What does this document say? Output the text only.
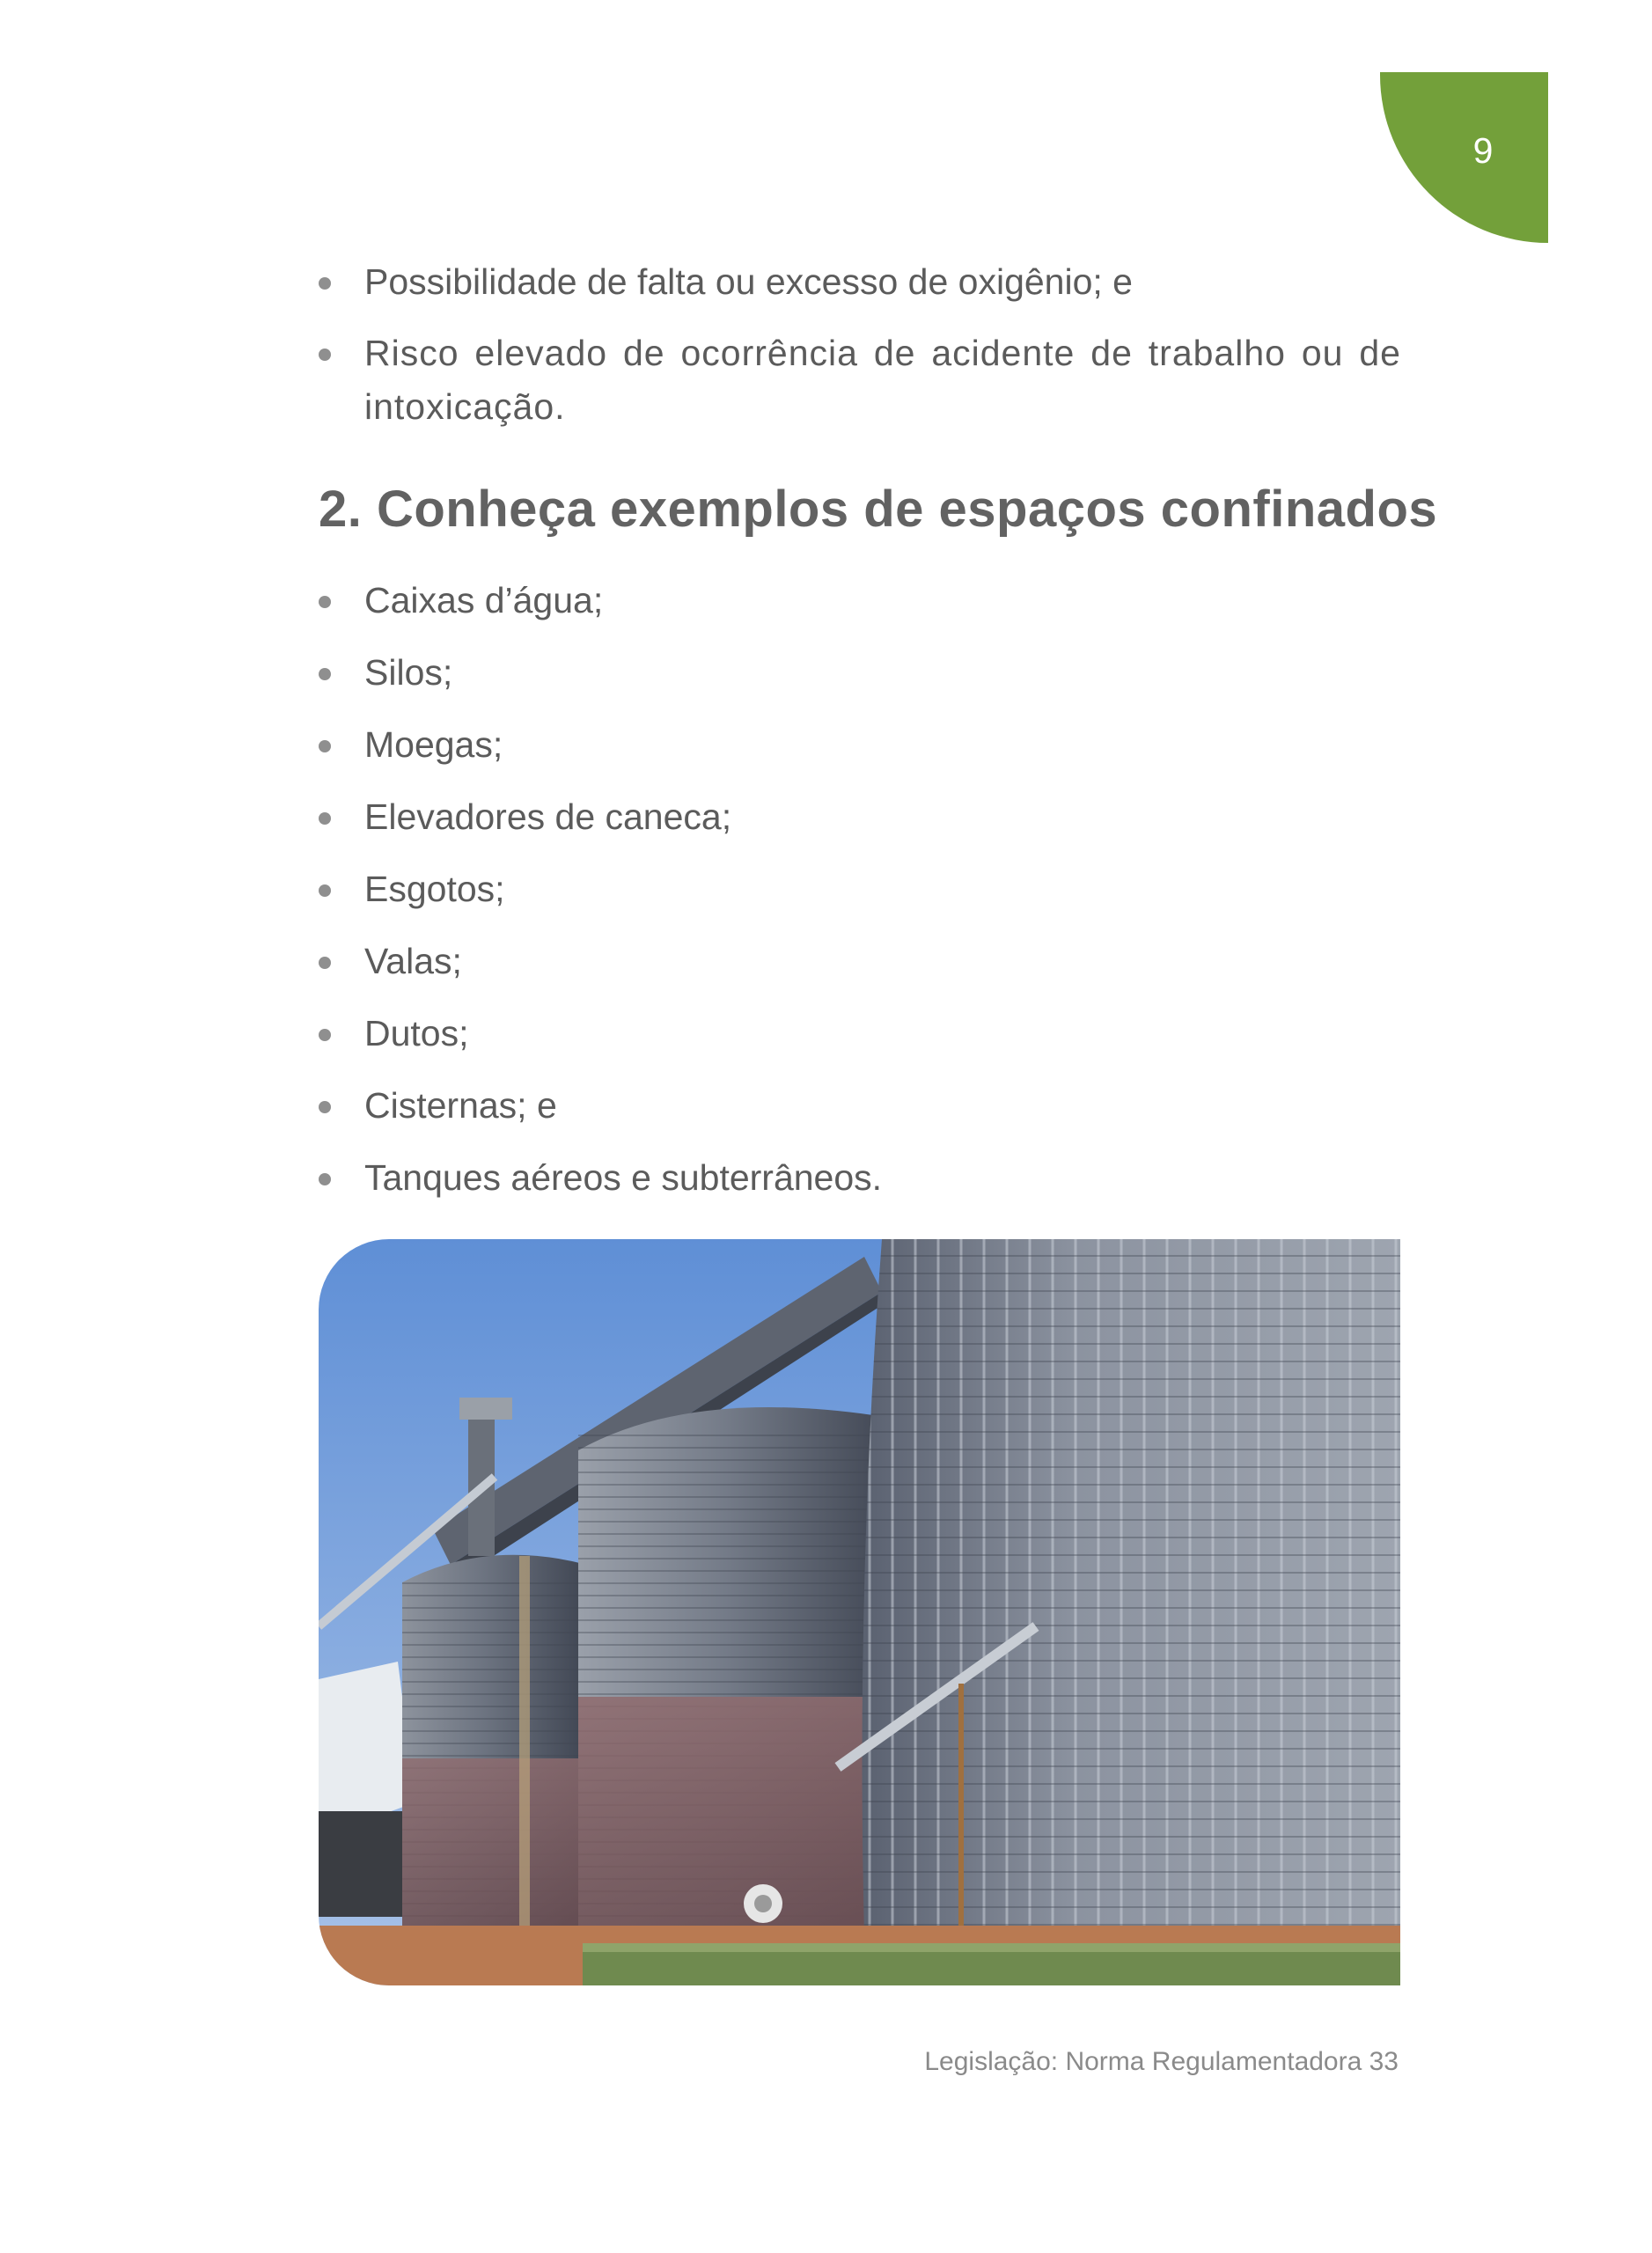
9
Possibilidade de falta ou excesso de oxigênio; e
Risco elevado de ocorrência de acidente de trabalho ou de intoxicação.
2. Conheça exemplos de espaços confinados
Caixas d’água;
Silos;
Moegas;
Elevadores de caneca;
Esgotos;
Valas;
Dutos;
Cisternas; e
Tanques aéreos e subterrâneos.
Legislação: Norma Regulamentadora 33
